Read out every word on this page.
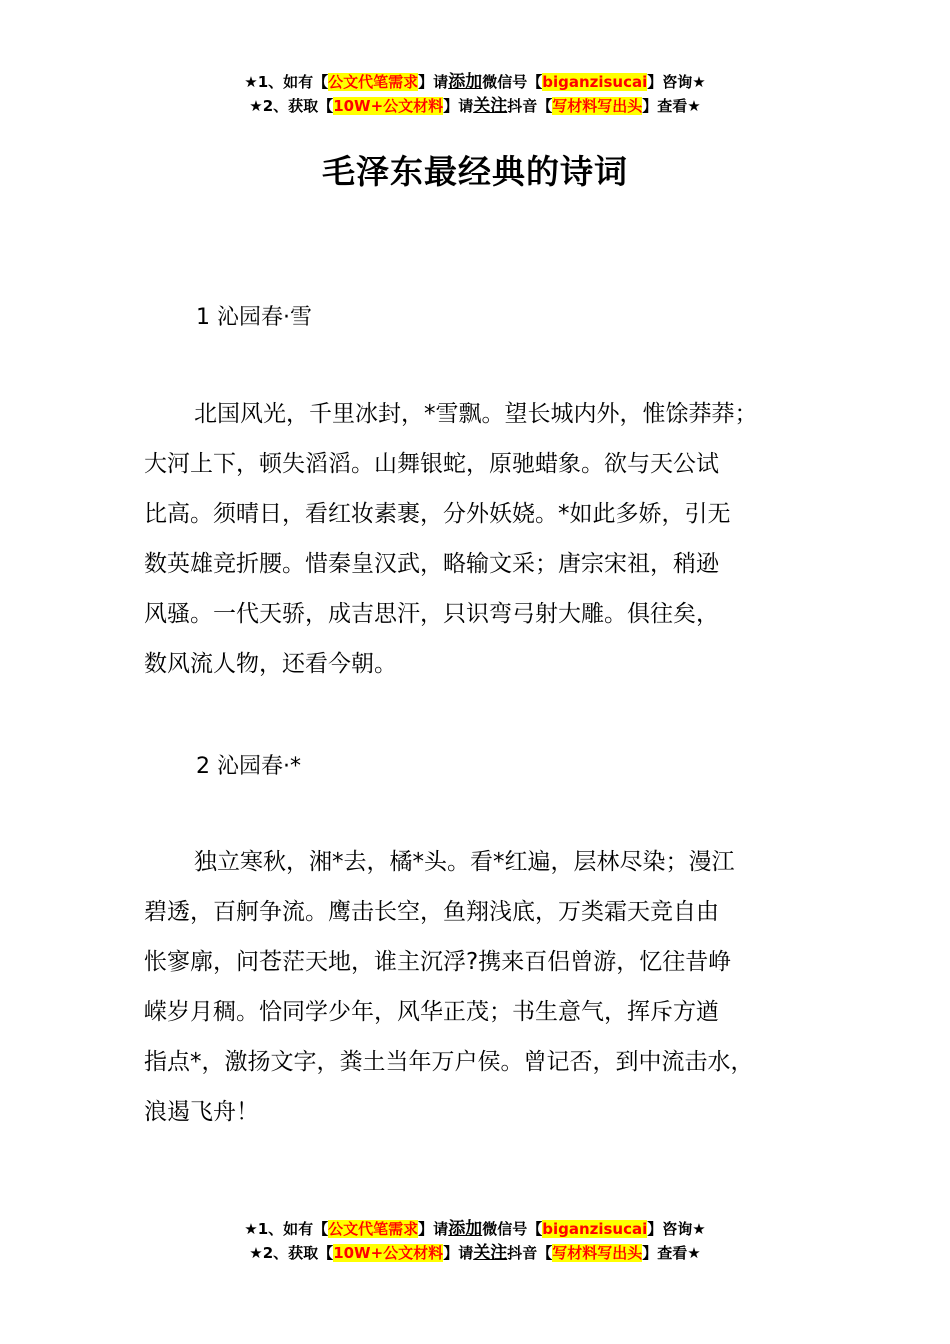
★1、如有【公文代笔需求】请添加微信号【biganzisucai】咨询★
★2、获取【10W+公文材料】请关注抖音【写材料写出头】查看★
毛泽东最经典的诗词
1 沁园春·雪
北国风光，千里冰封，*雪飘。望长城内外，惟馀莽莽；
大河上下，顿失滔滔。山舞银蛇，原驰蜡象。欲与天公试
比高。须晴日，看红妆素裹，分外妖娆。*如此多娇，引无
数英雄竞折腰。惜秦皇汉武，略输文采；唐宗宋祖，稍逊
风骚。一代天骄，成吉思汗，只识弯弓射大雕。俱往矣，
数风流人物，还看今朝。
2 沁园春·*
独立寒秋，湘*去，橘*头。看*红遍，层林尽染；漫江
碧透，百舸争流。鹰击长空，鱼翔浅底，万类霜天竞自由
怅寥廓，问苍茫天地，谁主沉浮?携来百侣曾游，忆往昔峥
嵘岁月稠。恰同学少年，风华正茂；书生意气，挥斥方遒
指点*，激扬文字，粪土当年万户侯。曾记否，到中流击水，
浪遏飞舟！
★1、如有【公文代笔需求】请添加微信号【biganzisucai】咨询★
★2、获取【10W+公文材料】请关注抖音【写材料写出头】查看★
